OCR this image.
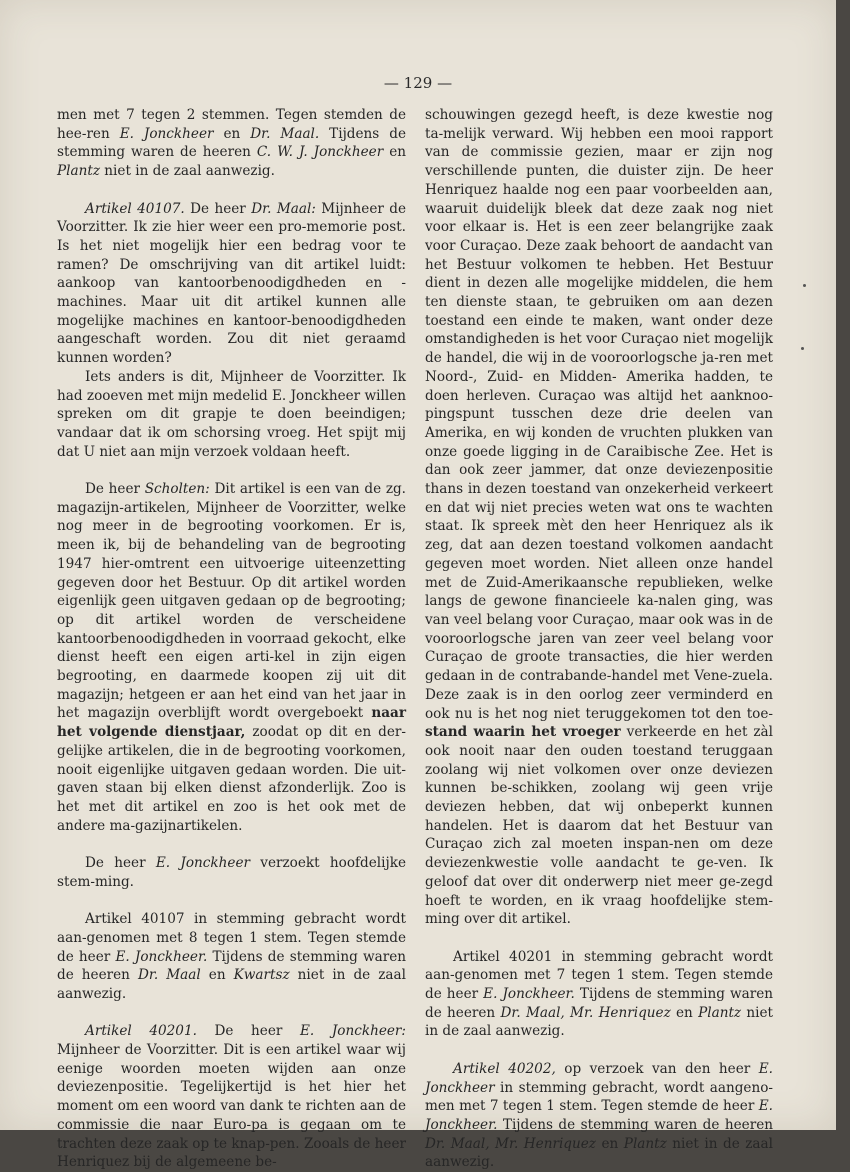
— 129 —

men met 7 tegen 2 stemmen. Tegen stemden de hee-ren E. Jonckheer en Dr. Maal. Tijdens de stemming waren de heeren C. W. J. Jonckheer en Plantz niet in de zaal aanwezig.

Artikel 40107. De heer Dr. Maal: Mijnheer de Voorzitter. Ik zie hier weer een pro-memorie post. Is het niet mogelijk hier een bedrag voor te ramen? De omschrijving van dit artikel luidt: aankoop van kantoorbenoodigdheden en -machines. Maar uit dit artikel kunnen alle mogelijke machines en kantoor-benoodigdheden aangeschaft worden. Zou dit niet geraamd kunnen worden?

Iets anders is dit, Mijnheer de Voorzitter. Ik had zooeven met mijn medelid E. Jonckheer willen spreken om dit grapje te doen beeindigen; vandaar dat ik om schorsing vroeg. Het spijt mij dat U niet aan mijn verzoek voldaan heeft.

De heer Scholten: Dit artikel is een van de zg. magazijn-artikelen, Mijnheer de Voorzitter, welke nog meer in de begrooting voorkomen. Er is, meen ik, bij de behandeling van de begrooting 1947 hier-omtrent een uitvoerige uiteenzetting gegeven door het Bestuur. Op dit artikel worden eigenlijk geen uitgaven gedaan op de begrooting; op dit artikel worden de verscheidene kantoorbenoodigdheden in voorraad gekocht, elke dienst heeft een eigen arti-kel in zijn eigen begrooting, en daarmede koopen zij uit dit magazijn; hetgeen er aan het eind van het jaar in het magazijn overblijft wordt overgeboekt naar het volgende dienstjaar, zoodat op dit en der-gelijke artikelen, die in de begrooting voorkomen, nooit eigenlijke uitgaven gedaan worden. Die uit-gaven staan bij elken dienst afzonderlijk. Zoo is het met dit artikel en zoo is het ook met de andere ma-gazijnartikelen.

De heer E. Jonckheer verzoekt hoofdelijke stem-ming.

Artikel 40107 in stemming gebracht wordt aan-genomen met 8 tegen 1 stem. Tegen stemde de heer E. Jonckheer. Tijdens de stemming waren de heeren Dr. Maal en Kwartsz niet in de zaal aanwezig.

Artikel 40201. De heer E. Jonckheer: Mijnheer de Voorzitter. Dit is een artikel waar wij eenige woorden moeten wijden aan onze deviezenpositie. Tegelijkertijd is het hier het moment om een woord van dank te richten aan de commissie die naar Euro-pa is gegaan om te trachten deze zaak op te knap-pen. Zooals de heer Henriquez bij de algemeene be-

schouwingen gezegd heeft, is deze kwestie nog ta-melijk verward. Wij hebben een mooi rapport van de commissie gezien, maar er zijn nog verschillende punten, die duister zijn. De heer Henriquez haalde nog een paar voorbeelden aan, waaruit duidelijk bleek dat deze zaak nog niet voor elkaar is. Het is een zeer belangrijke zaak voor Curaçao. Deze zaak behoort de aandacht van het Bestuur volkomen te hebben. Het Bestuur dient in dezen alle mogelijke middelen, die hem ten dienste staan, te gebruiken om aan dezen toestand een einde te maken, want onder deze omstandigheden is het voor Curaçao niet mogelijk de handel, die wij in de vooroorlogsche ja-ren met Noord-, Zuid- en Midden- Amerika hadden, te doen herleven. Curaçao was altijd het aanknoo-pingspunt tusschen deze drie deelen van Amerika, en wij konden de vruchten plukken van onze goede ligging in de Caraibische Zee. Het is dan ook zeer jammer, dat onze deviezenpositie thans in dezen toestand van onzekerheid verkeert en dat wij niet precies weten wat ons te wachten staat. Ik spreek mèt den heer Henriquez als ik zeg, dat aan dezen toestand volkomen aandacht gegeven moet worden. Niet alleen onze handel met de Zuid-Amerikaansche republieken, welke langs de gewone financieele ka-nalen ging, was van veel belang voor Curaçao, maar ook was in de vooroorlogsche jaren van zeer veel belang voor Curaçao de groote transacties, die hier werden gedaan in de contrabande-handel met Vene-zuela. Deze zaak is in den oorlog zeer verminderd en ook nu is het nog niet teruggekomen tot den toe-stand waarin het vroeger verkeerde en het zàl ook nooit naar den ouden toestand teruggaan zoolang wij niet volkomen over onze deviezen kunnen be-schikken, zoolang wij geen vrije deviezen hebben, dat wij onbeperkt kunnen handelen. Het is daarom dat het Bestuur van Curaçao zich zal moeten inspan-nen om deze deviezenkwestie volle aandacht te ge-ven. Ik geloof dat over dit onderwerp niet meer ge-zegd hoeft te worden, en ik vraag hoofdelijke stem-ming over dit artikel.

Artikel 40201 in stemming gebracht wordt aan-genomen met 7 tegen 1 stem. Tegen stemde de heer E. Jonckheer. Tijdens de stemming waren de heeren Dr. Maal, Mr. Henriquez en Plantz niet in de zaal aanwezig.

Artikel 40202, op verzoek van den heer E. Jonckheer in stemming gebracht, wordt aangeno-men met 7 tegen 1 stem. Tegen stemde de heer E. Jonckheer. Tijdens de stemming waren de heeren Dr. Maal, Mr. Henriquez en Plantz niet in de zaal aanwezig.
